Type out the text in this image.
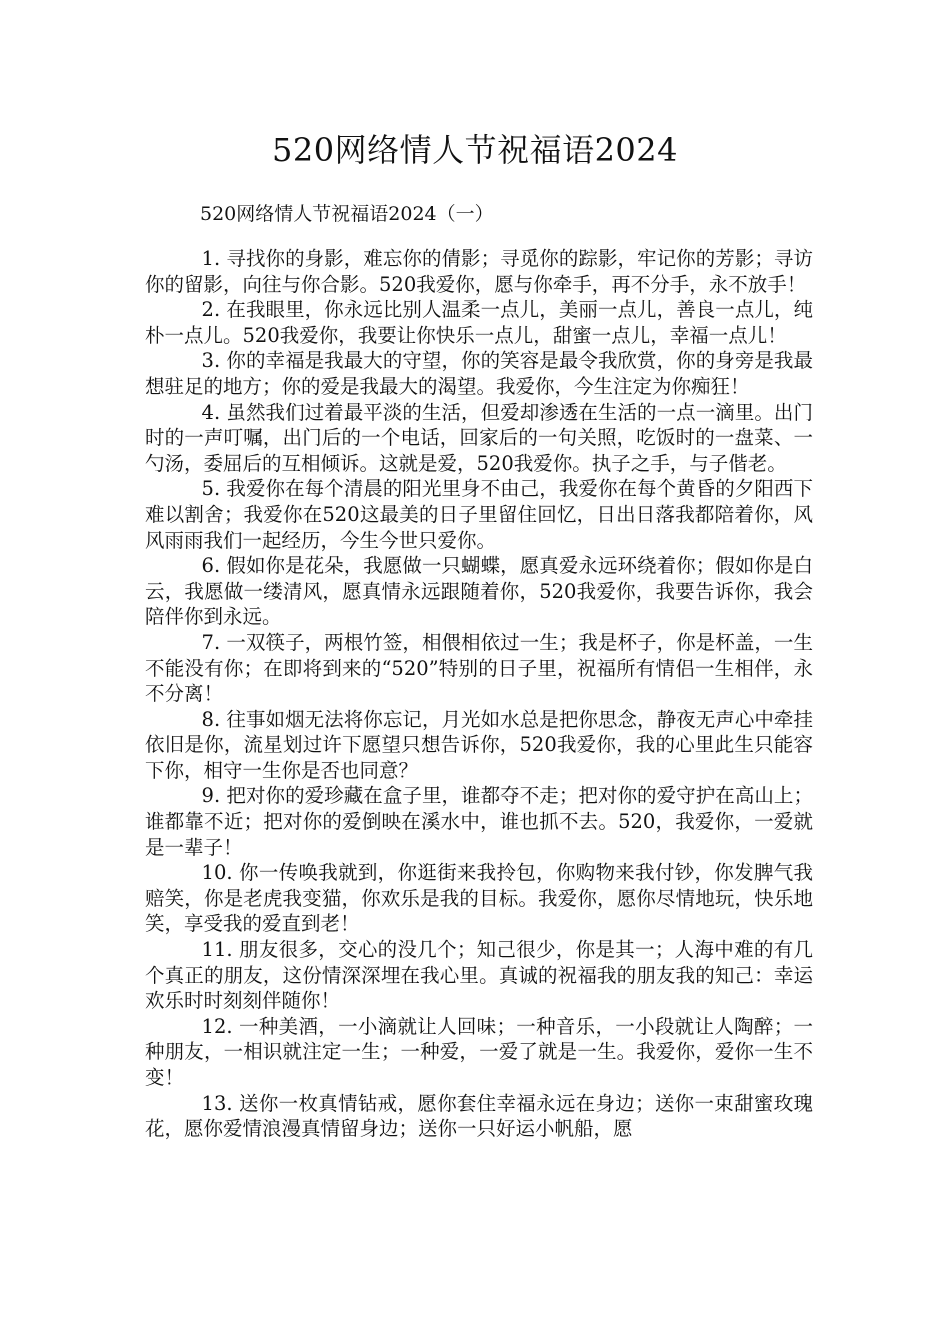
520网络情人节祝福语2024
520网络情人节祝福语2024（一）

1. 寻找你的身影，难忘你的倩影；寻觅你的踪影，牢记你的芳影；寻访你的留影，向往与你合影。520我爱你，愿与你牵手，再不分手，永不放手！

2. 在我眼里，你永远比别人温柔一点儿，美丽一点儿，善良一点儿，纯朴一点儿。520我爱你，我要让你快乐一点儿，甜蜜一点儿，幸福一点儿！

3. 你的幸福是我最大的守望，你的笑容是最令我欣赏，你的身旁是我最想驻足的地方；你的爱是我最大的渴望。我爱你，今生注定为你痴狂！

4. 虽然我们过着最平淡的生活，但爱却渗透在生活的一点一滴里。出门时的一声叮嘱，出门后的一个电话，回家后的一句关照，吃饭时的一盘菜、一勺汤，委屈后的互相倾诉。这就是爱，520我爱你。执子之手，与子偕老。

5. 我爱你在每个清晨的阳光里身不由己，我爱你在每个黄昏的夕阳西下难以割舍；我爱你在520这最美的日子里留住回忆，日出日落我都陪着你，风风雨雨我们一起经历，今生今世只爱你。

6. 假如你是花朵，我愿做一只蝴蝶，愿真爱永远环绕着你；假如你是白云，我愿做一缕清风，愿真情永远跟随着你，520我爱你，我要告诉你，我会陪伴你到永远。

7. 一双筷子，两根竹签，相偎相依过一生；我是杯子，你是杯盖，一生不能没有你；在即将到来的“520”特别的日子里，祝福所有情侣一生相伴，永不分离！

8. 往事如烟无法将你忘记，月光如水总是把你思念，静夜无声心中牵挂依旧是你，流星划过许下愿望只想告诉你，520我爱你，我的心里此生只能容下你，相守一生你是否也同意？

9. 把对你的爱珍藏在盒子里，谁都夺不走；把对你的爱守护在高山上；谁都靠不近；把对你的爱倒映在溪水中，谁也抓不去。520，我爱你，一爱就是一辈子！

10. 你一传唤我就到，你逛街来我拎包，你购物来我付钞，你发脾气我赔笑，你是老虎我变猫，你欢乐是我的目标。我爱你，愿你尽情地玩，快乐地笑，享受我的爱直到老！

11. 朋友很多，交心的没几个；知己很少，你是其一；人海中难的有几个真正的朋友，这份情深深埋在我心里。真诚的祝福我的朋友我的知己：幸运欢乐时时刻刻伴随你！

12. 一种美酒，一小滴就让人回味；一种音乐，一小段就让人陶醉；一种朋友，一相识就注定一生；一种爱，一爱了就是一生。我爱你，爱你一生不变！

13. 送你一枚真情钻戒，愿你套住幸福永远在身边；送你一束甜蜜玫瑰花，愿你爱情浪漫真情留身边；送你一只好运小帆船，愿
